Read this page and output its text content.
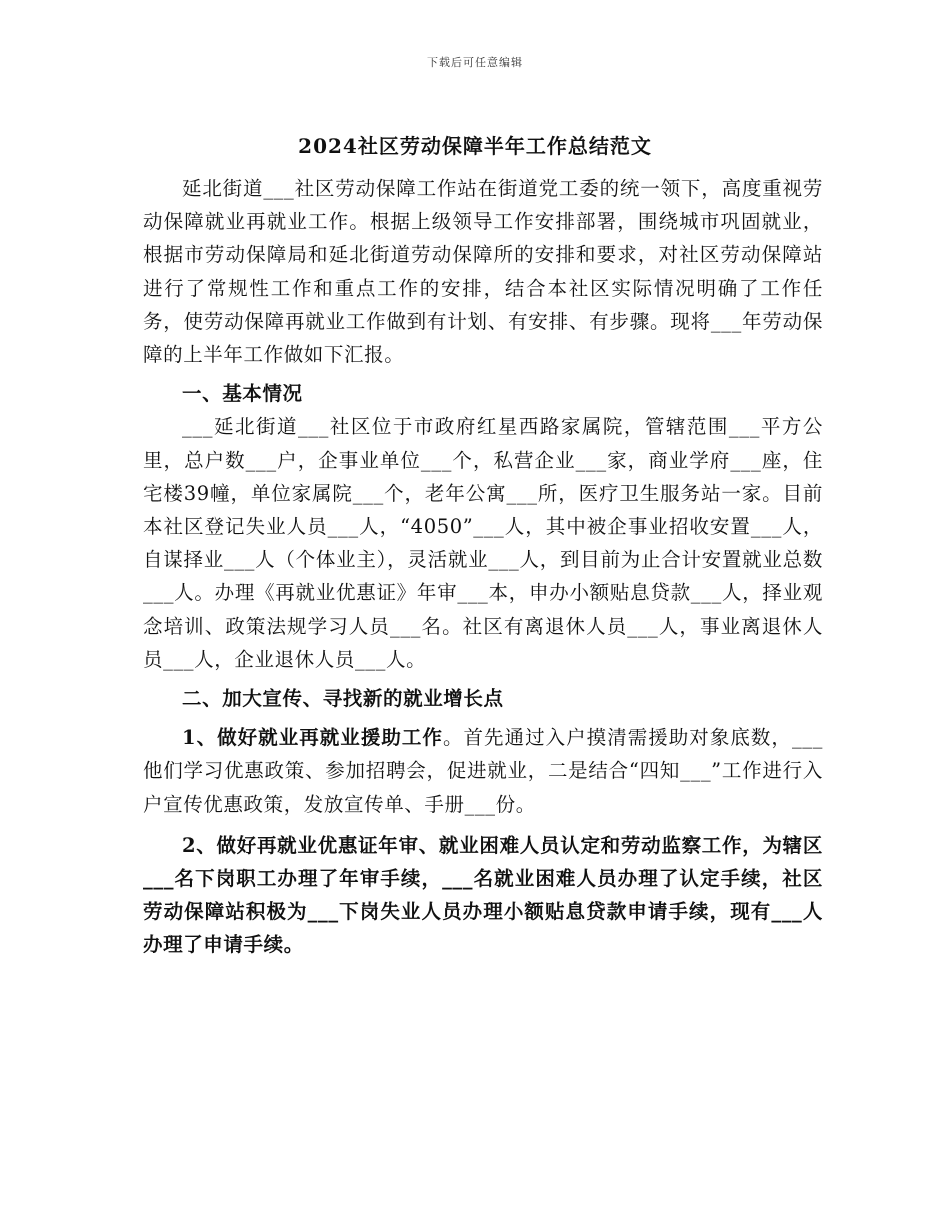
下载后可任意编辑
2024社区劳动保障半年工作总结范文

延北街道___社区劳动保障工作站在街道党工委的统一领下，高度重视劳动保障就业再就业工作。根据上级领导工作安排部署，围绕城市巩固就业，根据市劳动保障局和延北街道劳动保障所的安排和要求，对社区劳动保障站进行了常规性工作和重点工作的安排，结合本社区实际情况明确了工作任务，使劳动保障再就业工作做到有计划、有安排、有步骤。现将___年劳动保障的上半年工作做如下汇报。

一、基本情况

___延北街道___社区位于市政府红星西路家属院，管辖范围___平方公里，总户数___户，企事业单位___个，私营企业___家，商业学府___座，住宅楼39幢，单位家属院___个，老年公寓___所，医疗卫生服务站一家。目前本社区登记失业人员___人，“4050”___人，其中被企事业招收安置___人，自谋择业___人（个体业主），灵活就业___人，到目前为止合计安置就业总数___人。办理《再就业优惠证》年审___本，申办小额贴息贷款___人，择业观念培训、政策法规学习人员___名。社区有离退休人员___人，事业离退休人员___人，企业退休人员___人。

二、加大宣传、寻找新的就业增长点

1、做好就业再就业援助工作。首先通过入户摸清需援助对象底数，___他们学习优惠政策、参加招聘会，促进就业，二是结合“四知___”工作进行入户宣传优惠政策，发放宣传单、手册___份。

2、做好再就业优惠证年审、就业困难人员认定和劳动监察工作，为辖区___名下岗职工办理了年审手续，___名就业困难人员办理了认定手续，社区劳动保障站积极为___下岗失业人员办理小额贴息贷款申请手续，现有___人办理了申请手续。
